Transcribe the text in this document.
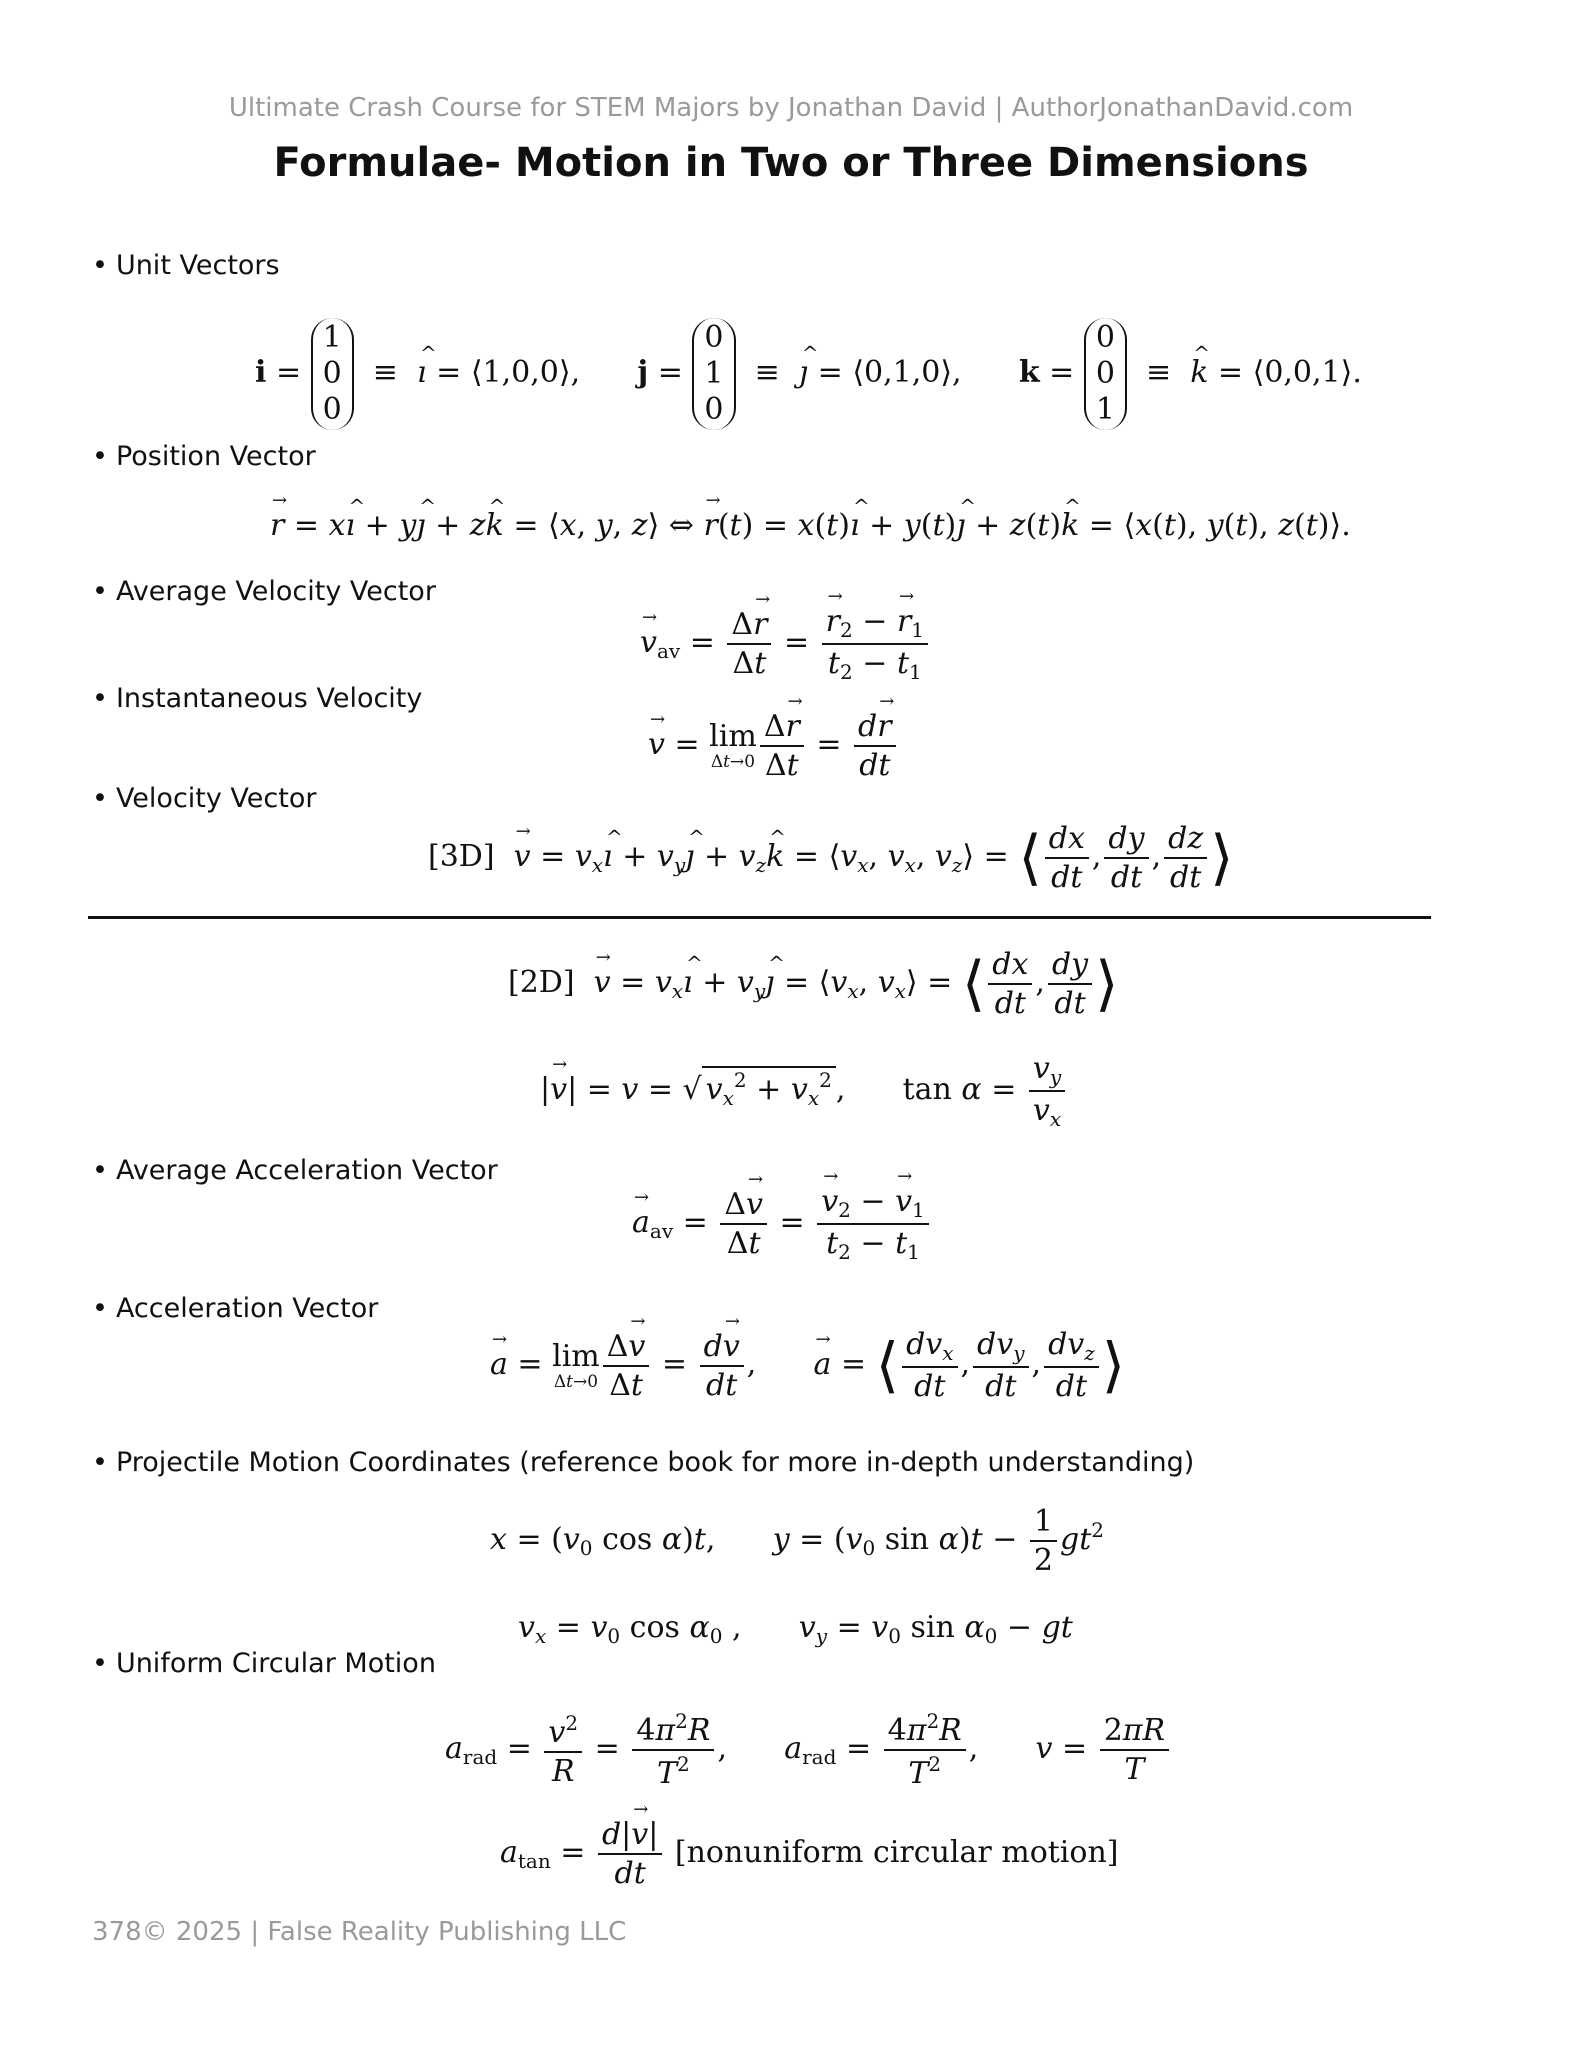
Ultimate Crash Course for STEM Majors by Jonathan David | AuthorJonathanDavid.com
Formulae- Motion in Two or Three Dimensions
• Unit Vectors
i =
1
0
0
≡  ı ^ = ⟨1,0,0⟩, j =
0
1
0
≡  ȷ ^ = ⟨0,1,0⟩, k =
0
0
1
≡  k ^ = ⟨0,0,1⟩.
• Position Vector
r → = xı ^ + yȷ ^ + zk ^ = ⟨x, y, z⟩ ⇔ r →(t) = x(t)ı ^ + y(t)ȷ ^ + z(t)k ^ = ⟨x(t), y(t), z(t)⟩.
• Average Velocity Vector
$v \to_{av} = \frac{\Delta r \to}{\Delta t} = \frac{r \to_2 - r \to_1}{t_2 - t_1}$
• Instantaneous Velocity
v → = lim
$\Delta t\to 0 \frac{\Delta r \to}{\Delta t} = \frac{dr \to}{dt}$
• Velocity Vector
[3D] v → = $v_xı$ ^ + $v_yȷ$ ^ + $v_zk$ ^ = $⟨v_x$, $v_x$, $v_z⟩$ = ⟨ $\frac{dx}{dt}$ , $\frac{dy}{dt}$ , $\frac{dz}{dt}$ ⟩
[2D] v → = $v_xı$ ^ + $v_yȷ$ ^ = $⟨v_x$, $v_x⟩$ = ⟨ $\frac{dx}{dt}$ , $\frac{dy}{dt}$ ⟩
|v →| = v = √ $v_x^2 + v_x^2$ ,      $\tan \alpha = \frac{v_y}{v_x}$
• Average Acceleration Vector
$a \to_{av} = \frac{\Delta v \to}{\Delta t} = \frac{v \to_2 - v \to_1}{t_2 - t_1}$
• Acceleration Vector
a → = lim
$\Delta t\to 0 \frac{\Delta v \to}{\Delta t} = \frac{dv \to}{dt}$ ,      a → = ⟨ $\frac{dv_x}{dt}$ , $\frac{dv_y}{dt}$ , $\frac{dv_z}{dt}$ ⟩
• Projectile Motion Coordinates (reference book for more in-depth understanding)
$x = (v_0$ cos α)t,      $y = (v_0$ $\sin \alpha)t - \frac{1}{2} gt^2$
$v_x = v_0$ $\cos \alpha_0$ ,      $v_y = v_0$ $\sin \alpha_0$ − gt
• Uniform Circular Motion
$a_{rad} = \frac{v^2}{R} = \frac{4\pi^2R}{T^2}$ ,      $a_{rad} = \frac{4\pi^2R}{T^2}$ ,      $v = \frac{2\pi R}{T}$
$a_{tan} = \frac{d|v \to|}{dt}$ [nonuniform circular motion]
378© 2025 | False Reality Publishing LLC
